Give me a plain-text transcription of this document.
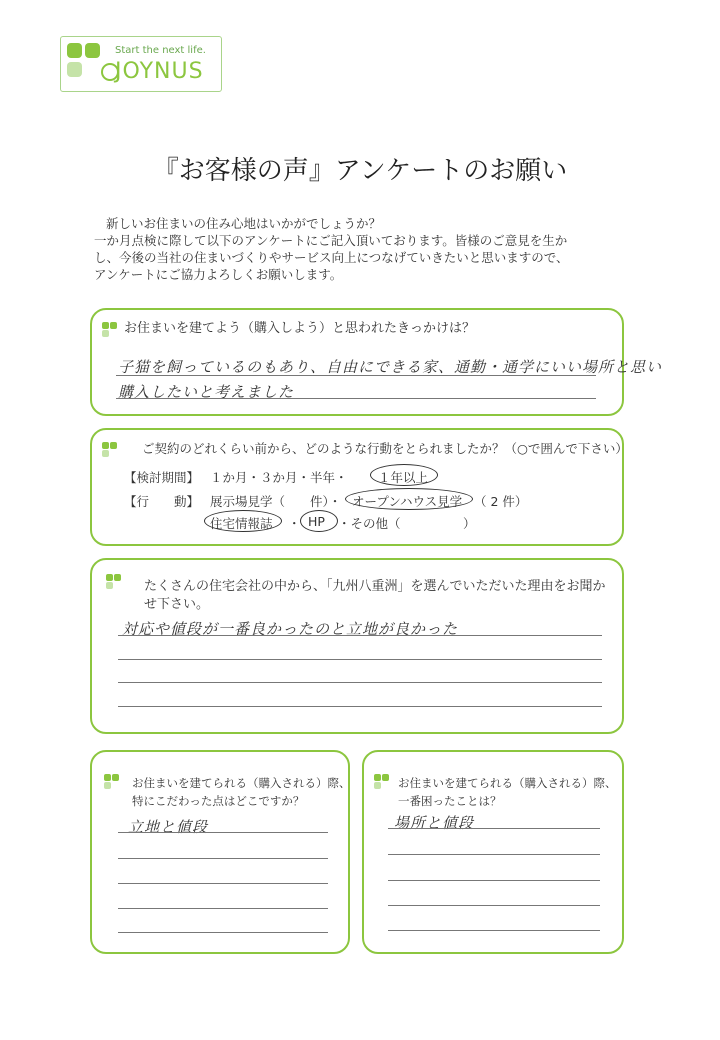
Start the next life.
JOYNUS
『お客様の声』アンケートのお願い
新しいお住まいの住み心地はいかがでしょうか？
一か月点検に際して以下のアンケートにご記入頂いております。皆様のご意見を生か
し、今後の当社の住まいづくりやサービス向上につなげていきたいと思いますので、
アンケートにご協力よろしくお願いします。
お住まいを建てよう（購入しよう）と思われたきっかけは？
子猫を飼っているのもあり、自由にできる家、通勤・通学にいい場所と思い
購入したいと考えました
ご契約のどれくらい前から、どのような行動をとられましたか？（○で囲んで下さい）
【検討期間】 １か月・３か月・半年・ １年以上
【行　　動】 展示場見学（　　件）・ オープンハウス見学 （ 2 件）
住宅情報誌 ・ HP ・その他（　　　　　）
たくさんの住宅会社の中から、「九州八重洲」を選んでいただいた理由をお聞か
せ下さい。
対応や値段が一番良かったのと立地が良かった
お住まいを建てられる（購入される）際、
特にこだわった点はどこですか？
立地と値段
お住まいを建てられる（購入される）際、
一番困ったことは？
場所と値段
